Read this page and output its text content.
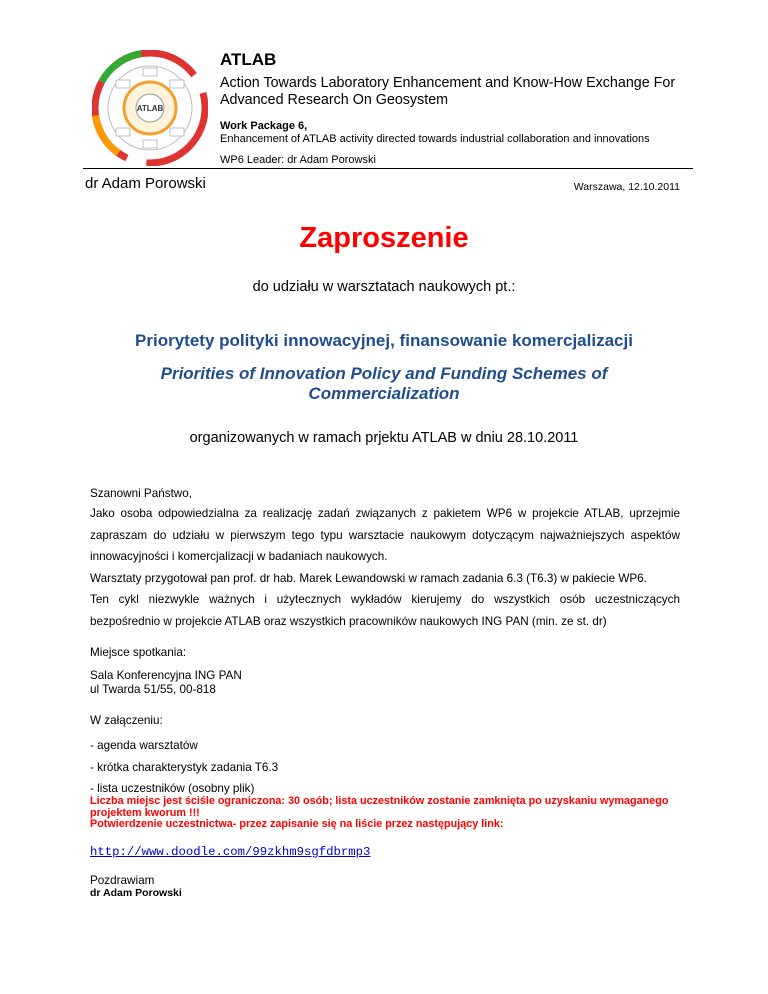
ATLAB
ATLAB
Action Towards Laboratory Enhancement and Know-How Exchange For Advanced Research On Geosystem
Work Package 6,
Enhancement of ATLAB activity directed towards industrial collaboration and innovations
WP6 Leader: dr Adam Porowski
dr Adam Porowski	Warszawa, 12.10.2011
Zaproszenie
do udziału w warsztatach naukowych pt.:
Priorytety polityki innowacyjnej, finansowanie komercjalizacji
Priorities of Innovation Policy and Funding Schemes of Commercialization
organizowanych w ramach prjektu ATLAB w dniu 28.10.2011
Szanowni Państwo,

Jako osoba odpowiedzialna za realizację zadań związanych z pakietem WP6 w projekcie ATLAB, uprzejmie zapraszam do udziału w pierwszym tego typu warsztacie naukowym dotyczącym najważniejszych aspektów innowacyjności i komercjalizacji w badaniach naukowych.

Warsztaty przygotował pan prof. dr hab. Marek Lewandowski w ramach zadania 6.3 (T6.3) w pakiecie WP6.

Ten cykl niezwykle ważnych i użytecznych wykładów kierujemy do wszystkich osób uczestniczących bezpośrednio w projekcie ATLAB oraz wszystkich pracowników naukowych ING PAN (min. ze st. dr)

Miejsce spotkania:
Sala Konferencyjna ING PAN
ul Twarda 51/55, 00-818
W załączeniu:
- agenda warsztatów
- krótka charakterystyk zadania T6.3
- lista uczestników (osobny plik)
Liczba miejsc jest ściśle ograniczona: 30 osób; lista uczestników zostanie zamknięta po uzyskaniu wymaganego projektem kworum !!!
Potwierdzenie uczestnictwa- przez zapisanie się na liście przez następujący link:
http://www.doodle.com/99zkhm9sgfdbrmp3
Pozdrawiam
dr Adam Porowski
